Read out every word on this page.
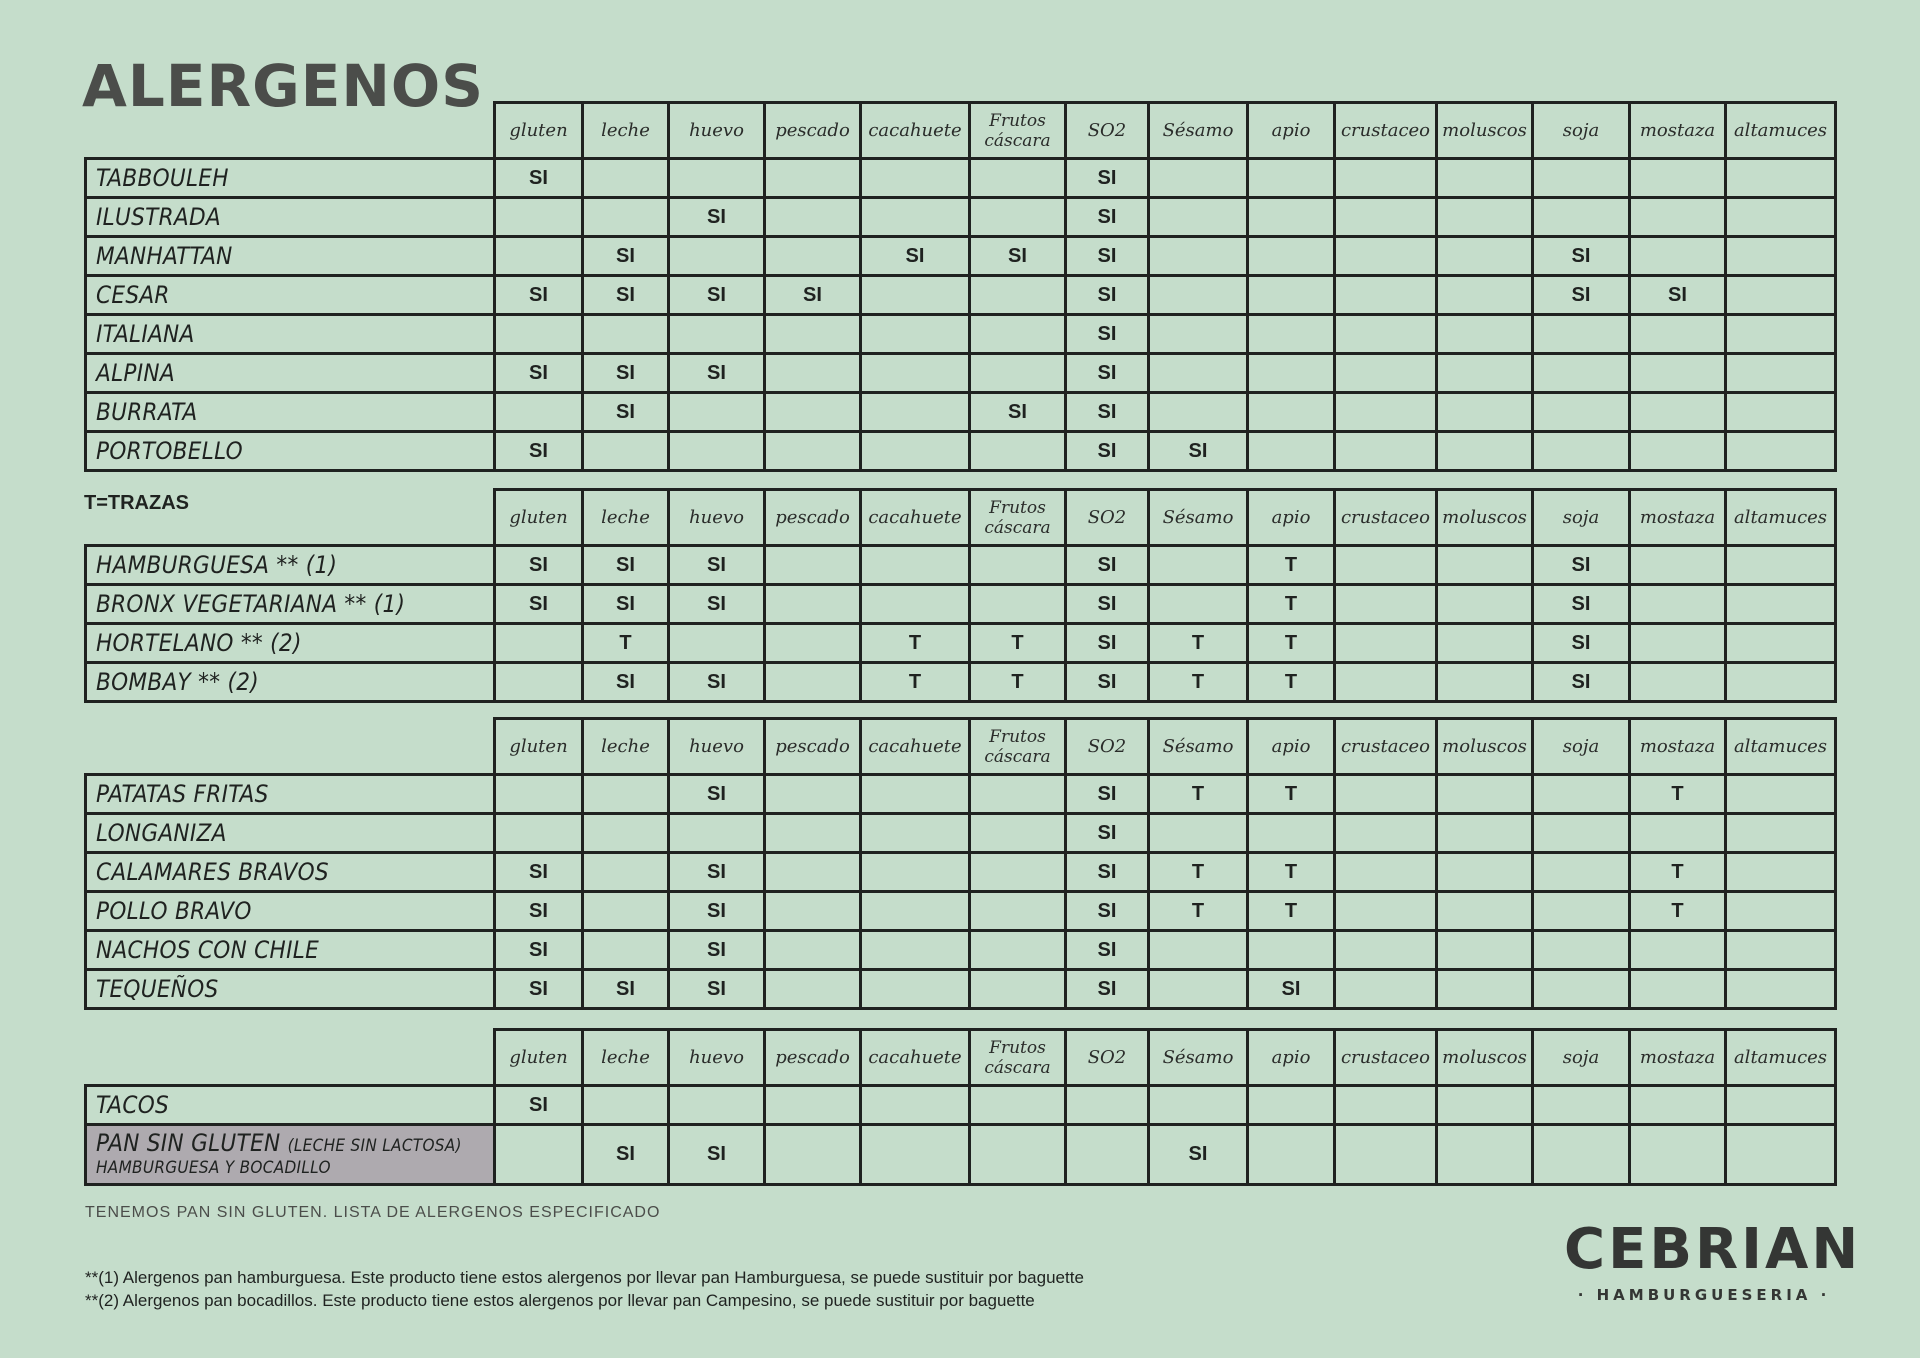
ALERGENOS
T=TRAZAS
	gluten	leche	huevo	pescado	cacahuete	Frutos
cáscara	SO2	Sésamo	apio	crustaceo	moluscos	soja	mostaza	altamuces
TABBOULEH	SI						SI							
ILUSTRADA			SI				SI							
MANHATTAN		SI			SI	SI	SI					SI		
CESAR	SI	SI	SI	SI			SI					SI	SI	
ITALIANA							SI							
ALPINA	SI	SI	SI				SI							
BURRATA		SI				SI	SI							
PORTOBELLO	SI						SI	SI						
	gluten	leche	huevo	pescado	cacahuete	Frutos
cáscara	SO2	Sésamo	apio	crustaceo	moluscos	soja	mostaza	altamuces
HAMBURGUESA ** (1)	SI	SI	SI				SI		T			SI		
BRONX VEGETARIANA ** (1)	SI	SI	SI				SI		T			SI		
HORTELANO ** (2)		T			T	T	SI	T	T			SI		
BOMBAY ** (2)		SI	SI		T	T	SI	T	T			SI		
	gluten	leche	huevo	pescado	cacahuete	Frutos
cáscara	SO2	Sésamo	apio	crustaceo	moluscos	soja	mostaza	altamuces
PATATAS FRITAS			SI				SI	T	T				T	
LONGANIZA							SI							
CALAMARES BRAVOS	SI		SI				SI	T	T				T	
POLLO BRAVO	SI		SI				SI	T	T				T	
NACHOS CON CHILE	SI		SI				SI							
TEQUEÑOS	SI	SI	SI				SI		SI					
	gluten	leche	huevo	pescado	cacahuete	Frutos
cáscara	SO2	Sésamo	apio	crustaceo	moluscos	soja	mostaza	altamuces
TACOS	SI													
PAN SIN GLUTEN (LECHE SIN LACTOSA)
HAMBURGUESA Y BOCADILLO		SI	SI					SI						
TENEMOS PAN SIN GLUTEN. LISTA DE ALERGENOS ESPECIFICADO
**(1) Alergenos pan hamburguesa. Este producto tiene estos alergenos por llevar pan Hamburguesa, se puede sustituir por baguette
**(2) Alergenos pan bocadillos. Este producto tiene estos alergenos por llevar pan Campesino, se puede sustituir por baguette
CEBRIAN
· HAMBURGUESERIA ·
